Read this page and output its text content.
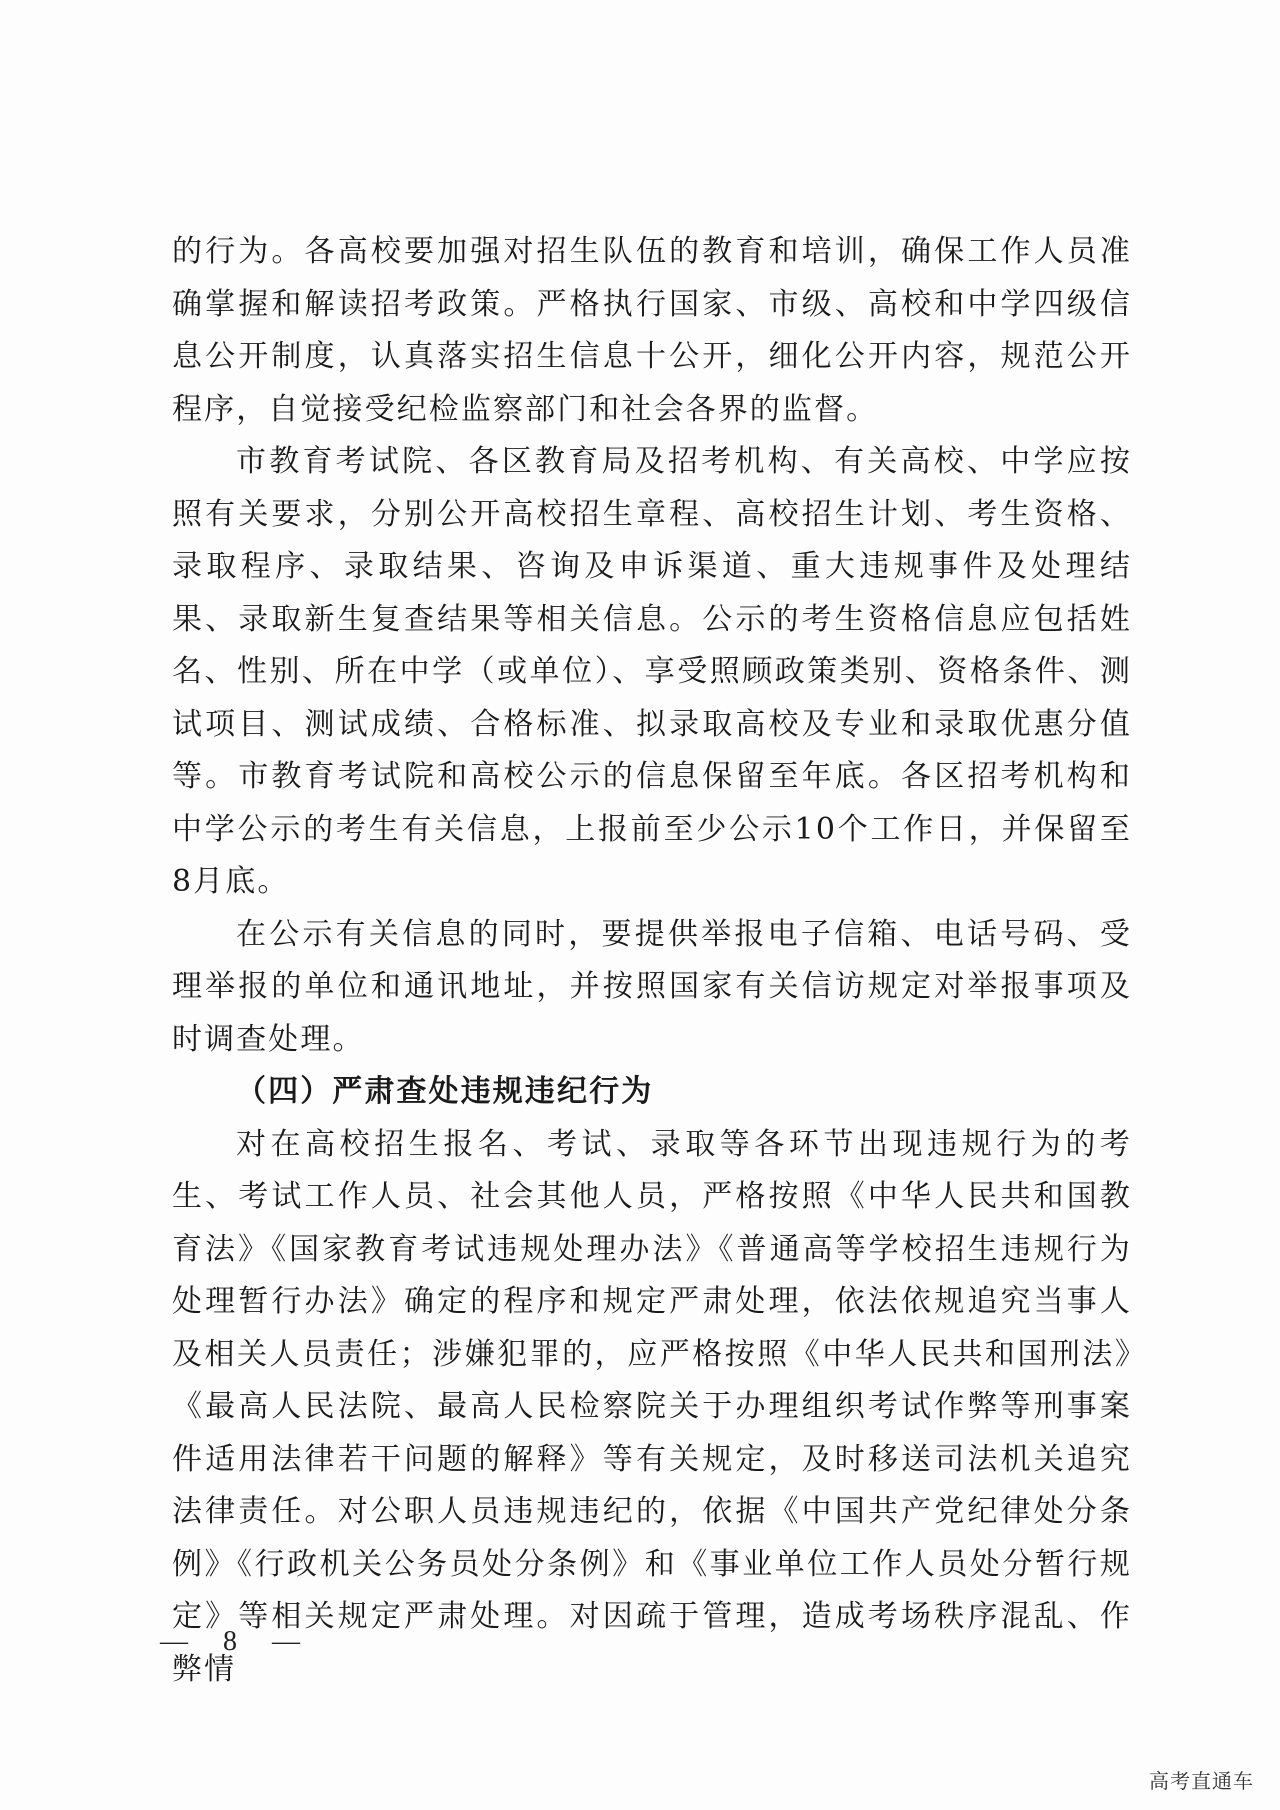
的行为。各高校要加强对招生队伍的教育和培训，确保工作人员准确掌握和解读招考政策。严格执行国家、市级、高校和中学四级信息公开制度，认真落实招生信息十公开，细化公开内容，规范公开程序，自觉接受纪检监察部门和社会各界的监督。

市教育考试院、各区教育局及招考机构、有关高校、中学应按照有关要求，分别公开高校招生章程、高校招生计划、考生资格、录取程序、录取结果、咨询及申诉渠道、重大违规事件及处理结果、录取新生复查结果等相关信息。公示的考生资格信息应包括姓名、性别、所在中学（或单位）、享受照顾政策类别、资格条件、测试项目、测试成绩、合格标准、拟录取高校及专业和录取优惠分值等。市教育考试院和高校公示的信息保留至年底。各区招考机构和中学公示的考生有关信息，上报前至少公示10个工作日，并保留至8月底。

在公示有关信息的同时，要提供举报电子信箱、电话号码、受理举报的单位和通讯地址，并按照国家有关信访规定对举报事项及时调查处理。

（四）严肃查处违规违纪行为

对在高校招生报名、考试、录取等各环节出现违规行为的考生、考试工作人员、社会其他人员，严格按照《中华人民共和国教育法》《国家教育考试违规处理办法》《普通高等学校招生违规行为处理暂行办法》确定的程序和规定严肃处理，依法依规追究当事人及相关人员责任；涉嫌犯罪的，应严格按照《中华人民共和国刑法》《最高人民法院、最高人民检察院关于办理组织考试作弊等刑事案件适用法律若干问题的解释》等有关规定，及时移送司法机关追究法律责任。对公职人员违规违纪的，依据《中国共产党纪律处分条例》《行政机关公务员处分条例》和《事业单位工作人员处分暂行规定》等相关规定严肃处理。对因疏于管理，造成考场秩序混乱、作弊情

— 8 —
高考直通车
